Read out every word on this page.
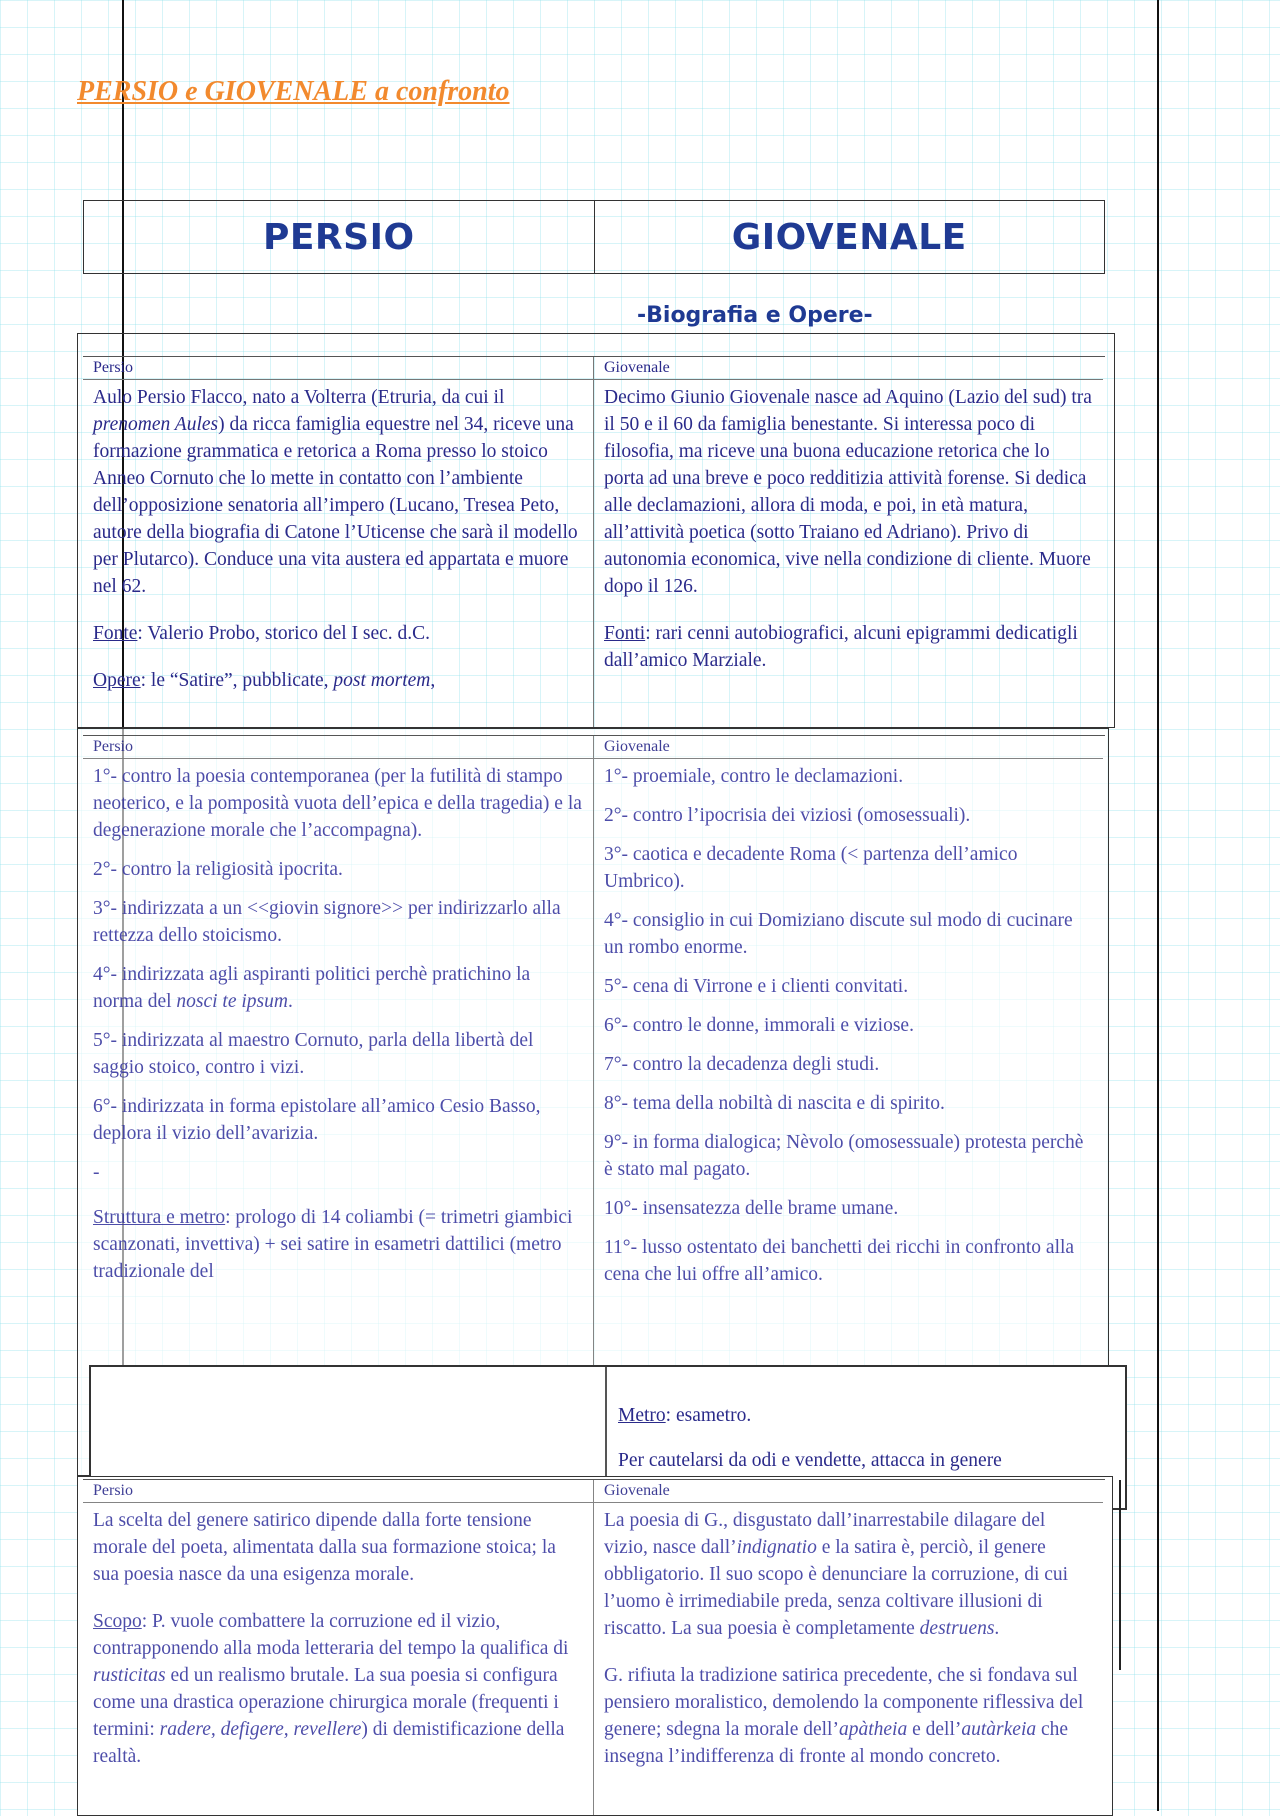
PERSIO e GIOVENALE a confronto
PERSIO	GIOVENALE
-Biografia e Opere-
Persio

Aulo Persio Flacco, nato a Volterra (Etruria, da cui il prenomen Aules) da ricca famiglia equestre nel 34, riceve una formazione grammatica e retorica a Roma presso lo stoico Anneo Cornuto che lo mette in contatto con l’ambiente dell’opposizione senatoria all’impero (Lucano, Tresea Peto, autore della biografia di Catone l’Uticense che sarà il modello per Plutarco). Conduce una vita austera ed appartata e muore nel 62.

Fonte: Valerio Probo, storico del I sec. d.C.

Opere: le “Satire”, pubblicate, post mortem,

Giovenale

Decimo Giunio Giovenale nasce ad Aquino (Lazio del sud) tra il 50 e il 60 da famiglia benestante. Si interessa poco di filosofia, ma riceve una buona educazione retorica che lo porta ad una breve e poco redditizia attività forense. Si dedica alle declamazioni, allora di moda, e poi, in età matura, all’attività poetica (sotto Traiano ed Adriano). Privo di autonomia economica, vive nella condizione di cliente. Muore dopo il 126.

Fonti: rari cenni autobiografici, alcuni epigrammi dedicatigli dall’amico Marziale.

Persio

1°- contro la poesia contemporanea (per la futilità di stampo neoterico, e la pomposità vuota dell’epica e della tragedia) e la degenerazione morale che l’accompagna).

2°- contro la religiosità ipocrita.

3°- indirizzata a un <<giovin signore>> per indirizzarlo alla rettezza dello stoicismo.

4°- indirizzata agli aspiranti politici perchè pratichino la norma del nosci te ipsum.

5°- indirizzata al maestro Cornuto, parla della libertà del saggio stoico, contro i vizi.

6°- indirizzata in forma epistolare all’amico Cesio Basso, deplora il vizio dell’avarizia.

-

Struttura e metro: prologo di 14 coliambi (= trimetri giambici scanzonati, invettiva) + sei satire in esametri dattilici (metro tradizionale del

Giovenale

1°- proemiale, contro le declamazioni.

2°- contro l’ipocrisia dei viziosi (omosessuali).

3°- caotica e decadente Roma (< partenza dell’amico Umbrico).

4°- consiglio in cui Domiziano discute sul modo di cucinare un rombo enorme.

5°- cena di Virrone e i clienti convitati.

6°- contro le donne, immorali e viziose.

7°- contro la decadenza degli studi.

8°- tema della nobiltà di nascita e di spirito.

9°- in forma dialogica; Nèvolo (omosessuale) protesta perchè è stato mal pagato.

10°- insensatezza delle brame umane.

11°- lusso ostentato dei banchetti dei ricchi in confronto alla cena che lui offre all’amico.

Metro: esametro.

Per cautelarsi da odi e vendette, attacca in genere

Persio

La scelta del genere satirico dipende dalla forte tensione morale del poeta, alimentata dalla sua formazione stoica; la sua poesia nasce da una esigenza morale.

Scopo: P. vuole combattere la corruzione ed il vizio, contrapponendo alla moda letteraria del tempo la qualifica di rusticitas ed un realismo brutale. La sua poesia si configura come una drastica operazione chirurgica morale (frequenti i termini: radere, defigere, revellere) di demistificazione della realtà.

Giovenale

La poesia di G., disgustato dall’inarrestabile dilagare del vizio, nasce dall’indignatio e la satira è, perciò, il genere obbligatorio. Il suo scopo è denunciare la corruzione, di cui l’uomo è irrimediabile preda, senza coltivare illusioni di riscatto. La sua poesia è completamente destruens.

G. rifiuta la tradizione satirica precedente, che si fondava sul pensiero moralistico, demolendo la componente riflessiva del genere; sdegna la morale dell’apàtheia e dell’autàrkeia che insegna l’indifferenza di fronte al mondo concreto.
